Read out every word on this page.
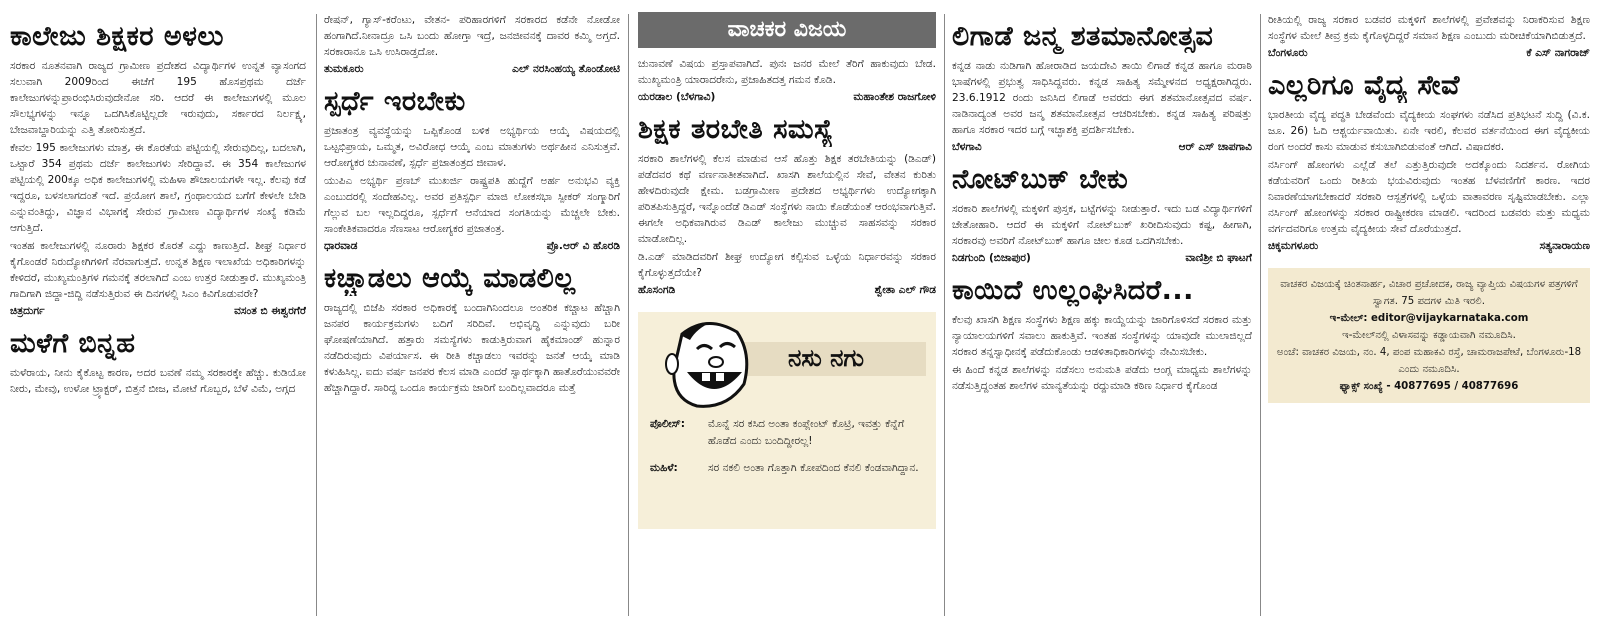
ಕಾಲೇಜು ಶಿಕ್ಷಕರ ಅಳಲು

ಸರಕಾರ ನೂತನವಾಗಿ ರಾಜ್ಯದ ಗ್ರಾಮೀಣ ಪ್ರದೇಶದ ವಿದ್ಯಾರ್ಥಿಗಳ ಉನ್ನತ ವ್ಯಾಸಂಗದ ಸಲುವಾಗಿ 2009ರಿಂದ ಈಚೆಗೆ 195 ಹೊಸಪ್ರಥಮ ದರ್ಜೆ ಕಾಲೇಜುಗಳನ್ನುಪ್ರಾರಂಭಿಸಿರುವುದೇನೋ ಸರಿ. ಆದರೆ ಈ ಕಾಲೇಜುಗಳಲ್ಲಿ ಮೂಲ ಸೌಲಭ್ಯಗಳನ್ನು ಇನ್ನೂ ಒದಗಿಸಿಕೊಟ್ಟಿಲ್ಲದೇ ಇರುವುದು, ಸರ್ಕಾರದ ನಿರ್ಲಕ್ಷ್ಯ, ಬೇಜವಾಬ್ದಾರಿಯನ್ನು ಎತ್ತಿ ತೋರಿಸುತ್ತದೆ.

ಕೇವಲ 195 ಕಾಲೇಜುಗಳು ಮಾತ್ರ, ಈ ಕೊರತೆಯ ಪಟ್ಟಿಯಲ್ಲಿ ಸೇರುವುದಿಲ್ಲ, ಬದಲಾಗಿ, ಒಟ್ಟಾರೆ 354 ಪ್ರಥಮ ದರ್ಜೆ ಕಾಲೇಜುಗಳು ಸೇರಿದ್ದಾವೆ. ಈ 354 ಕಾಲೇಜುಗಳ ಪಟ್ಟಿಯಲ್ಲಿ 200ಕ್ಕೂ ಅಧಿಕ ಕಾಲೇಜುಗಳಲ್ಲಿ ಮಹಿಳಾ ಶೌಚಾಲಯಗಳೇ ಇಲ್ಲ. ಕೆಲವು ಕಡೆ ಇದ್ದರೂ, ಬಳಸಲಾಗದಂತೆ ಇದೆ. ಪ್ರಯೋಗ ಶಾಲೆ, ಗ್ರಂಥಾಲಯದ ಬಗೆಗೆ ಕೇಳಲೇ ಬೇಡಿ ಎನ್ನುವಂತಿದ್ದು, ವಿಜ್ಞಾನ ವಿಭಾಗಕ್ಕೆ ಸೇರುವ ಗ್ರಾಮೀಣ ವಿದ್ಯಾರ್ಥಿಗಳ ಸಂಖ್ಯೆ ಕಡಿಮೆ ಆಗುತ್ತಿದೆ.

ಇಂತಹ ಕಾಲೇಜುಗಳಲ್ಲಿ ನೂರಾರು ಶಿಕ್ಷಕರ ಕೊರತೆ ಎದ್ದು ಕಾಣುತ್ತಿದೆ. ಶೀಘ್ರ ನಿರ್ಧಾರ ಕೈಗೊಂಡರೆ ನಿರುದ್ಯೋಗಿಗಳಿಗೆ ನೆರವಾಗುತ್ತದೆ. ಉನ್ನತ ಶಿಕ್ಷಣ ಇಲಾಖೆಯ ಅಧಿಕಾರಿಗಳನ್ನು ಕೇಳಿದರೆ, ಮುಖ್ಯಮಂತ್ರಿಗಳ ಗಮನಕ್ಕೆ ತರಲಾಗಿದೆ ಎಂಬ ಉತ್ತರ ನೀಡುತ್ತಾರೆ. ಮುಖ್ಯಮಂತ್ರಿ ಗಾದಿಗಾಗಿ ಜಿದ್ದಾ-ಜಿದ್ದಿ ನಡೆಸುತ್ತಿರುವ ಈ ದಿನಗಳಲ್ಲಿ ಸಿಎಂ ಕಿವಿಗೊಡುವರೇ?

ಚಿತ್ರದುರ್ಗ	ವಸಂತ ಬಿ ಈಶ್ವರಗೆರೆ
ಮಳೆಗೆ ಬಿನ್ನಹ

ಮಳೆರಾಯ, ನೀನು ಕೈಕೊಟ್ಟ ಕಾರಣ, ಅದರ ಬವಣೆ ನಮ್ಮ ಸರಕಾರಕ್ಕೇ ಹೆಚ್ಚು. ಕುಡಿಯೋ ನೀರು, ಮೇವು, ಉಳೋ ಟ್ರ್ಯಾಕ್ಟರ್, ಬಿತ್ತನೆ ಬೀಜ, ಮೋಟೆ ಗೊಬ್ಬರ, ಬೆಳೆ ವಿಮೆ, ಅಗ್ಗದ

ರೇಷನ್, ಗ್ಯಾಸ್-ಕರೆಂಟು, ವೇತನ- ಪರಿಹಾರಗಳಿಗೆ ಸರಕಾರದ ಕಡೆನೇ ನೋಡೋ ಹಂಗಾಗಿದೆ.ನೀನಾದ್ರೂ ಒಸಿ ಬಂದು ಹೋಗ್ತಾ ಇದ್ರೆ, ಜನಜೀವನಕ್ಕೆ ದಾವರ ಕಮ್ಮಿ ಅಗ್ತದೆ. ಸರಕಾರಾನೂ ಒಸಿ ಉಸಿರಾಡ್ತದೋ.

ತುಮಕೂರು	ಎಲ್ ನರಸಿಂಹಯ್ಯ ತೊಂಡೋಟಿ
ಸ್ಪರ್ಧೆ ಇರಬೇಕು

ಪ್ರಜಾತಂತ್ರ ವ್ಯವಸ್ಥೆಯನ್ನು ಒಪ್ಪಿಕೊಂಡ ಬಳಿಕ ಅಭ್ಯರ್ಥಿಯ ಆಯ್ಕೆ ವಿಷಯದಲ್ಲಿ ಒಟ್ಟಭಿಪ್ರಾಯ, ಒಮ್ಮತ, ಅವಿರೋಧ ಆಯ್ಕೆ ಎಂಬ ಮಾತುಗಳು ಅರ್ಥಹೀನ ಎನಿಸುತ್ತವೆ. ಆರೋಗ್ಯಕರ ಚುನಾವಣೆ, ಸ್ಪರ್ಧೆ ಪ್ರಜಾತಂತ್ರದ ಜೀವಾಳ.

ಯುಪಿಎ ಅಭ್ಯರ್ಥಿ ಪ್ರಣಬ್ ಮುಖರ್ಜಿ ರಾಷ್ಟ್ರಪತಿ ಹುದ್ದೆಗೆ ಅರ್ಹ ಅನುಭವಿ ವ್ಯಕ್ತಿ ಎಂಬುದರಲ್ಲಿ ಸಂದೇಹವಿಲ್ಲ. ಅವರ ಪ್ರತಿಸ್ಪರ್ಧಿ ಮಾಜಿ ಲೋಕಸಭಾ ಸ್ಪೀಕರ್ ಸಂಗ್ಮಾರಿಗೆ ಗೆಲ್ಲುವ ಬಲ ಇಲ್ಲದಿದ್ದರೂ, ಸ್ಪರ್ಧೆಗೆ ಆನೆಯಾದ ಸಂಗತಿಯನ್ನು ಮೆಚ್ಚಲೇ ಬೇಕು. ಸಾಂಕೇತಿಕವಾದರೂ ಸೆಣಸಾಟ ಆರೋಗ್ಯಕರ ಪ್ರಜಾತಂತ್ರ.

ಧಾರವಾಡ	ಪ್ರೊ.ಆರ್ ವಿ ಹೊರಡಿ
ಕಚ್ಚಾಡಲು ಆಯ್ಕೆ ಮಾಡಲಿಲ್ಲ

ರಾಜ್ಯದಲ್ಲಿ ಬಿಜೆಪಿ ಸರಕಾರ ಅಧಿಕಾರಕ್ಕೆ ಬಂದಾಗಿನಿಂದಲೂ ಅಂತರಿಕ ಕಚ್ಚಾಟ ಹೆಚ್ಚಾಗಿ ಜನಪರ ಕಾರ್ಯಕ್ರಮಗಳು ಬದಿಗೆ ಸರಿದಿವೆ. ಅಭಿವೃದ್ಧಿ ಎನ್ನುವುದು ಬರೀ ಘೋಷಣೆಯಾಗಿದೆ. ಹತ್ತಾರು ಸಮಸ್ಯೆಗಳು ಕಾಡುತ್ತಿರುವಾಗ ಹೈಕಮಾಂಡ್ ಹುನ್ನಾರ ನಡೆದಿರುವುದು ವಿಪರ್ಯಾಸ. ಈ ರೀತಿ ಕಚ್ಚಾಡಲು ಇವರನ್ನು ಜನತೆ ಆಯ್ಕೆ ಮಾಡಿ ಕಳುಹಿಸಿಲ್ಲ. ಐದು ವರ್ಷ ಜನಪರ ಕೆಲಸ ಮಾಡಿ ಎಂದರೆ ಸ್ವಾರ್ಥಕ್ಕಾಗಿ ಹಾತೊರೆಯುವವರೇ ಹೆಚ್ಚಾಗಿದ್ದಾರೆ. ಸಾರಿದ್ದ ಒಂದೂ ಕಾರ್ಯಕ್ರಮ ಜಾರಿಗೆ ಬಂದಿಲ್ಲವಾದರೂ ಮತ್ತೆ

ವಾಚಕರ ವಿಜಯ

ಚುನಾವಣೆ ವಿಷಯ ಪ್ರಸ್ತಾಪವಾಗಿದೆ. ಪುನಃ ಜನರ ಮೇಲೆ ತೆರಿಗೆ ಹಾಕುವುದು ಬೇಡ. ಮುಖ್ಯಮಂತ್ರಿ ಯಾರಾದರೇನು, ಪ್ರಜಾಹಿತದತ್ತ ಗಮನ ಕೊಡಿ.

ಯರಡಾಲ (ಬೆಳಗಾವಿ)	ಮಹಾಂತೇಶ ರಾಜಗೋಳಿ
ಶಿಕ್ಷಕ ತರಬೇತಿ ಸಮಸ್ಯೆ

ಸರಕಾರಿ ಶಾಲೆಗಳಲ್ಲಿ ಕೆಲಸ ಮಾಡುವ ಆಸೆ ಹೊತ್ತು ಶಿಕ್ಷಕ ತರಬೇತಿಯನ್ನು (ಡಿಎಡ್) ಪಡೆದವರ ಕಥೆ ವರ್ಣನಾತೀತವಾಗಿದೆ. ಖಾಸಗಿ ಶಾಲೆಯಲ್ಲಿನ ಸೇವೆ, ವೇತನ ಕುರಿತು ಹೇಳದಿರುವುದೇ ಕ್ಷೇಮ. ಬಡಗ್ರಾಮೀಣ ಪ್ರದೇಶದ ಅಭ್ಯರ್ಥಿಗಳು ಉದ್ಯೋಗಕ್ಕಾಗಿ ಪರಿತಪಿಸುತ್ತಿದ್ದರೆ, ಇನ್ನೊಂದೆಡೆ ಡಿಎಡ್ ಸಂಸ್ಥೆಗಳು ನಾಯಿ ಕೊಡೆಯಂತೆ ಆರಂಭವಾಗುತ್ತಿವೆ. ಈಗಲೇ ಅಧಿಕವಾಗಿರುವ ಡಿಎಡ್ ಕಾಲೇಜು ಮುಚ್ಚುವ ಸಾಹಸವನ್ನು ಸರಕಾರ ಮಾಡೋದಿಲ್ಲ.

ಡಿ.ಎಡ್ ಮಾಡಿದವರಿಗೆ ಶೀಘ್ರ ಉದ್ಯೋಗ ಕಲ್ಪಿಸುವ ಒಳ್ಳೆಯ ನಿರ್ಧಾರವನ್ನು ಸರಕಾರ ಕೈಗೊಳ್ಳುತ್ತದೆಯೇ?

ಹೊಸಂಗಡಿ	ಶ್ವೇತಾ ಎಲ್ ಗೌಡ
ನಸು ನಗು
ಪೊಲೀಸ್:	ಮೊನ್ನೆ ಸರ ಕಸಿದ ಅಂತಾ ಕಂಪ್ಲೇಂಟ್ ಕೊಟ್ರಿ, ಇವತ್ತು ಕೆನ್ನೆಗೆ ಹೊಡೆದ ಎಂದು ಬಂದಿದ್ದೀರಲ್ಲ!
ಮಹಿಳೆ:	ಸರ ನಕಲಿ ಅಂತಾ ಗೊತ್ತಾಗಿ ಕೋಪದಿಂದ ಕೆನಲಿ ಕೆಂಡವಾಗಿದ್ದಾನ.
ಲಿಗಾಡೆ ಜನ್ಮ ಶತಮಾನೋತ್ಸವ

ಕನ್ನಡ ನಾಡು ನುಡಿಗಾಗಿ ಹೋರಾಡಿದ ಜಯದೇವಿ ತಾಯಿ ಲಿಗಾಡೆ ಕನ್ನಡ ಹಾಗೂ ಮರಾಠಿ ಭಾಷೆಗಳಲ್ಲಿ ಪ್ರಭುತ್ವ ಸಾಧಿಸಿದ್ದವರು. ಕನ್ನಡ ಸಾಹಿತ್ಯ ಸಮ್ಮೇಳನದ ಅಧ್ಯಕ್ಷರಾಗಿದ್ದರು. 23.6.1912 ರಂದು ಜನಿಸಿದ ಲಿಗಾಡೆ ಅವರದು ಈಗ ಶತಮಾನೋತ್ಸವದ ವರ್ಷ. ನಾಡಿನಾದ್ಯಂತ ಅವರ ಜನ್ಮ ಶತಮಾನೋತ್ಸವ ಆಚರಿಸಬೇಕು. ಕನ್ನಡ ಸಾಹಿತ್ಯ ಪರಿಷತ್ತು ಹಾಗೂ ಸರಕಾರ ಇದರ ಬಗ್ಗೆ ಇಚ್ಛಾಶಕ್ತಿ ಪ್ರದರ್ಶಿಸಬೇಕು.

ಬೆಳಗಾವಿ	ಆರ್ ಎಸ್ ಚಾಪಗಾವಿ
ನೋಟ್‌ಬುಕ್ ಬೇಕು

ಸರಕಾರಿ ಶಾಲೆಗಳಲ್ಲಿ ಮಕ್ಕಳಿಗೆ ಪುಸ್ತಕ, ಬಟ್ಟೆಗಳನ್ನು ನೀಡುತ್ತಾರೆ. ಇದು ಬಡ ವಿದ್ಯಾರ್ಥಿಗಳಿಗೆ ಚೇತೋಹಾರಿ. ಆದರೆ ಈ ಮಕ್ಕಳಿಗೆ ನೋಟ್‌ಬುಕ್ ಖರೀದಿಸುವುದು ಕಷ್ಟ, ಹೀಗಾಗಿ, ಸರಕಾರವು ಅವರಿಗೆ ನೋಟ್‌ಬುಕ್ ಹಾಗೂ ಚೀಲ ಕೂಡ ಒದಗಿಸಬೇಕು.

ನಿಡಗುಂದಿ (ಬಿಜಾಪುರ)	ವಾಣಿಶ್ರೀ ಬಿ ಘಾಟಗೆ
ಕಾಯಿದೆ ಉಲ್ಲಂಘಿಸಿದರೆ...

ಕೆಲವು ಖಾಸಗಿ ಶಿಕ್ಷಣ ಸಂಸ್ಥೆಗಳು ಶಿಕ್ಷಣ ಹಕ್ಕು ಕಾಯ್ದೆಯನ್ನು ಜಾರಿಗೊಳಿಸದೆ ಸರಕಾರ ಮತ್ತು ನ್ಯಾಯಾಲಯಗಳಿಗೆ ಸವಾಲು ಹಾಕುತ್ತಿವೆ. ಇಂತಹ ಸಂಸ್ಥೆಗಳನ್ನು ಯಾವುದೇ ಮುಲಾಜಿಲ್ಲದೆ ಸರಕಾರ ತನ್ನಸ್ವಾಧೀನಕ್ಕೆ ಪಡೆದುಕೊಂಡು ಆಡಳಿತಾಧಿಕಾರಿಗಳನ್ನು ನೇಮಿಸಬೇಕು.

ಈ ಹಿಂದೆ ಕನ್ನಡ ಶಾಲೆಗಳನ್ನು ನಡೆಸಲು ಅನುಮತಿ ಪಡೆದು ಆಂಗ್ಲ ಮಾಧ್ಯಮ ಶಾಲೆಗಳನ್ನು ನಡೆಸುತ್ತಿದ್ದಂತಹ ಶಾಲೆಗಳ ಮಾನ್ಯತೆಯನ್ನು ರದ್ದುಮಾಡಿ ಕಠಿಣ ನಿರ್ಧಾರ ಕೈಗೊಂಡ

ರೀತಿಯಲ್ಲಿ ರಾಜ್ಯ ಸರಕಾರ ಬಡವರ ಮಕ್ಕಳಿಗೆ ಶಾಲೆಗಳಲ್ಲಿ ಪ್ರವೇಶವನ್ನು ನಿರಾಕರಿಸುವ ಶಿಕ್ಷಣ ಸಂಸ್ಥೆಗಳ ಮೇಲೆ ತೀವ್ರ ಕ್ರಮ ಕೈಗೊಳ್ಳದಿದ್ದರೆ ಸಮಾನ ಶಿಕ್ಷಣ ಎಂಬುದು ಮರೀಚಿಕೆಯಾಗಿಬಿಡುತ್ತದೆ.

ಬೆಂಗಳೂರು	ಕೆ ಎಸ್ ನಾಗರಾಜ್
ಎಲ್ಲರಿಗೂ ವೈದ್ಯ ಸೇವೆ

ಭಾರತೀಯ ವೈದ್ಯ ಪದ್ಧತಿ ಬೇಡವೆಂದು ವೈದ್ಯಕೀಯ ಸಂಘಗಳು ನಡೆಸಿದ ಪ್ರತಿಭಟನೆ ಸುದ್ದಿ (ವಿ.ಕ. ಜೂ. 26) ಓದಿ ಆಶ್ಚರ್ಯವಾಯಿತು. ಏನೇ ಇರಲಿ, ಕೆಲವರ ವರ್ತನೆಯಿಂದ ಈಗ ವೈದ್ಯಕೀಯ ರಂಗ ಅಂದರೆ ಕಾಸು ಮಾಡುವ ಕಸುಬಾಗಿಬಿಡುವಂತೆ ಆಗಿದೆ. ವಿಷಾದಕರ.

ನರ್ಸಿಂಗ್ ಹೋಂಗಳು ಎಲ್ಲೆಡೆ ತಲೆ ಎತ್ತುತ್ತಿರುವುದೇ ಅದಕ್ಕೊಂದು ನಿದರ್ಶನ. ರೋಗಿಯ ಕಡೆಯವರಿಗೆ ಒಂದು ರೀತಿಯ ಭಯವಿರುವುದು ಇಂತಹ ಬೆಳವಣಿಗೆಗೆ ಕಾರಣ. ಇದರ ನಿವಾರಣೆಯಾಗಬೇಕಾದರೆ ಸರಕಾರಿ ಆಸ್ಪತ್ರೆಗಳಲ್ಲಿ ಒಳ್ಳೆಯ ವಾತಾವರಣ ಸೃಷ್ಟಿಮಾಡಬೇಕು. ಎಲ್ಲಾ ನರ್ಸಿಂಗ್ ಹೋಂಗಳನ್ನು ಸರಕಾರ ರಾಷ್ಟ್ರೀಕರಣ ಮಾಡಲಿ. ಇದರಿಂದ ಬಡವರು ಮತ್ತು ಮಧ್ಯಮ ವರ್ಗದವರಿಗೂ ಉತ್ತಮ ವೈದ್ಯಕೀಯ ಸೇವೆ ದೊರೆಯುತ್ತದೆ.

ಚಿಕ್ಕಮಗಳೂರು	ಸತ್ಯನಾರಾಯಣ
ವಾಚಕರ ವಿಜಯಕ್ಕೆ ಚಿಂತನಾರ್ಹ, ವಿಚಾರ ಪ್ರಚೋದಕ, ರಾಜ್ಯ ವ್ಯಾಪ್ತಿಯ ವಿಷಯಗಳ ಪತ್ರಗಳಿಗೆ ಸ್ವಾಗತ. 75 ಪದಗಳ ಮಿತಿ ಇರಲಿ.
ಇ-ಮೇಲ್: editor@vijaykarnataka.com
ಇ-ಮೇಲ್‌ನಲ್ಲಿ ವಿಳಾಸವನ್ನು ಕಡ್ಡಾಯವಾಗಿ ನಮೂದಿಸಿ.
ಅಂಚೆ: ವಾಚಕರ ವಿಜಯ, ನಂ. 4, ಪಂಪ ಮಹಾಕವಿ ರಸ್ತೆ, ಚಾಮರಾಜಪೇಟೆ, ಬೆಂಗಳೂರು-18 ಎಂದು ನಮೂದಿಸಿ.
ಫ್ಯಾಕ್ಸ್ ಸಂಖ್ಯೆ - 40877695 / 40877696
